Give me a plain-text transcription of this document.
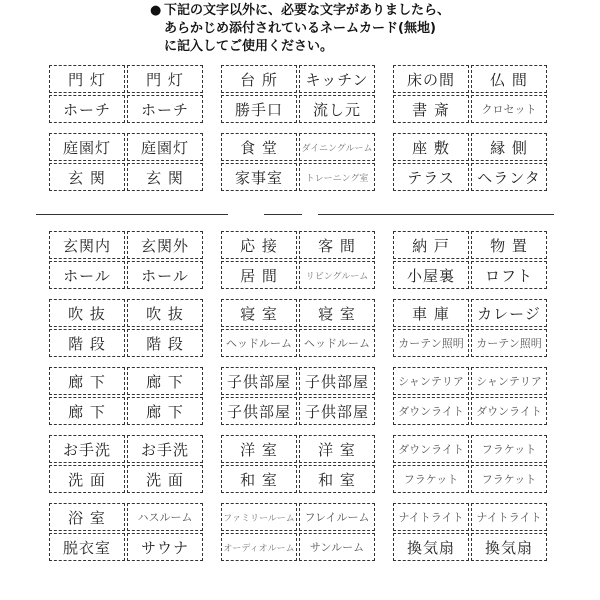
● 下記の文字以外に、必要な文字がありましたら、
あらかじめ添付されているネームカード(無地)
に記入してご使用ください。
門 灯
ホーチ
門 灯
ホーチ
台 所
勝手口
キッチン
流し元
床の間
書 斎
仏 間
クロセット
庭園灯
玄 関
庭園灯
玄 関
食 堂
家事室
ダイニングルーム
トレーニング室
座 敷
テラス
縁 側
ヘランタ
玄関内
ホール
玄関外
ホール
応 接
居 間
客 間
リビングルーム
納 戸
小屋裏
物 置
ロフト
吹 抜
階 段
吹 抜
階 段
寝 室
ヘッドルーム
寝 室
ヘッドルーム
車 庫
カーテン照明
カレージ
カーテン照明
廊 下
廊 下
廊 下
廊 下
子供部屋
子供部屋
子供部屋
子供部屋
シャンテリア
ダウンライト
シャンテリア
ダウンライト
お手洗
洗 面
お手洗
洗 面
洋 室
和 室
洋 室
和 室
ダウンライト
フラケット
フラケット
フラケット
浴 室
脱衣室
ハスルーム
サウナ
ファミリールーム
オーディオルーム
フレイルーム
サンルーム
ナイトライト
換気扇
ナイトライト
換気扇
